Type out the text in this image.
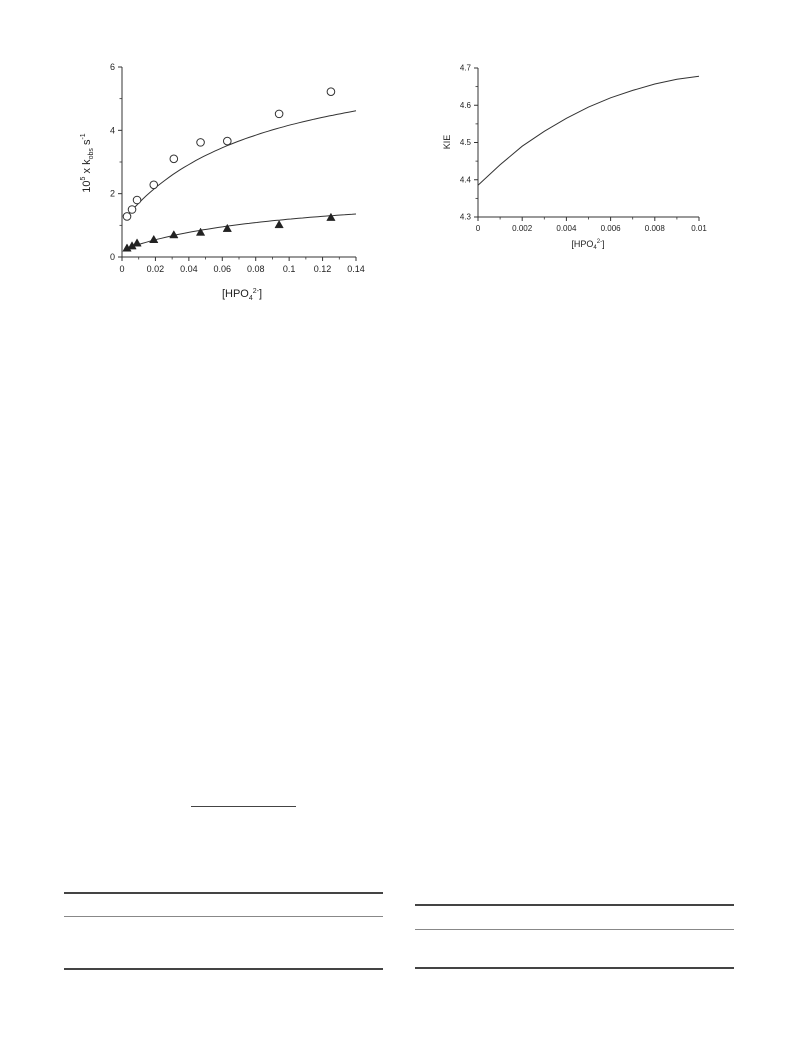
0 0.02 0.04 0.06 0.08 0.1 0.12 0.14
0
2
4
6
$[HPO_4^{2-}]$
$10^5$ x $k_{obs}$ $s^{-1}$
0	0.002	0.004	0.006	0.008	0.01
4.3
4.4
4.5
4.6
4.7
$[HPO_4^{2-}]$
KIE
